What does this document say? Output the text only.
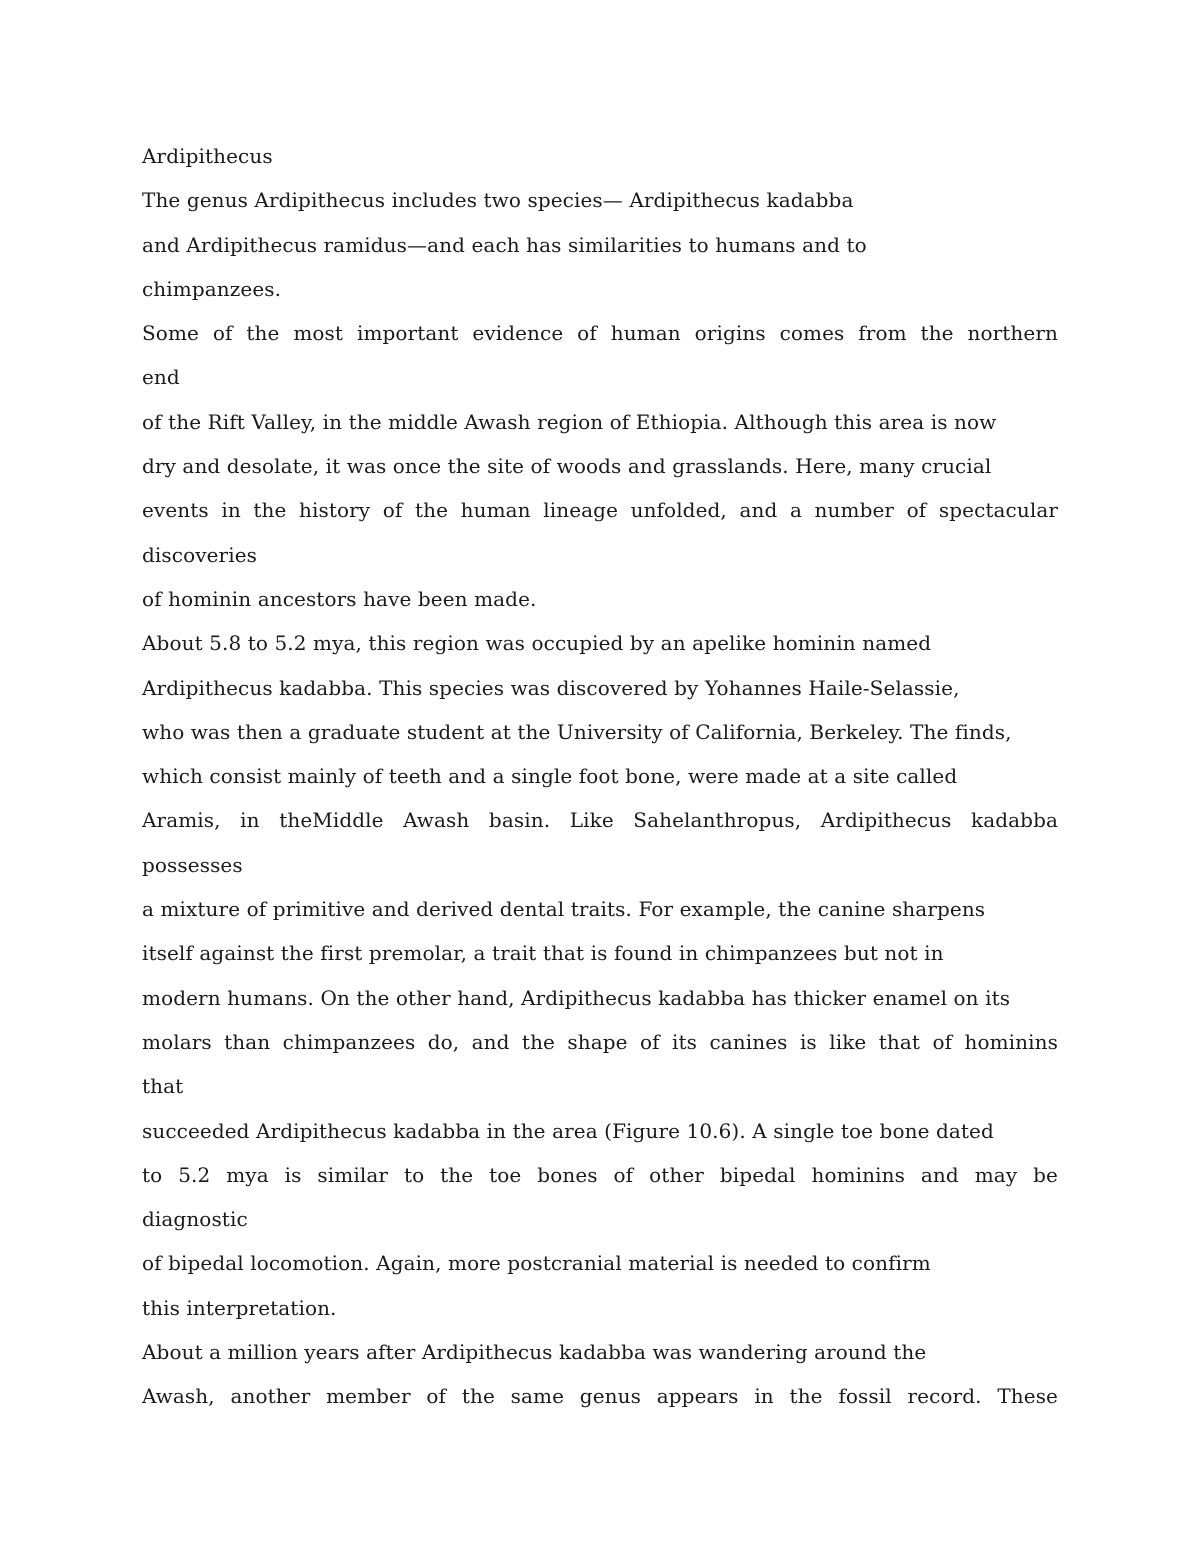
Ardipithecus
The genus Ardipithecus includes two species— Ardipithecus kadabba
and Ardipithecus ramidus—and each has similarities to humans and to
chimpanzees.
Some of the most important evidence of human origins comes from the northern
end
of the Rift Valley, in the middle Awash region of Ethiopia. Although this area is now
dry and desolate, it was once the site of woods and grasslands. Here, many crucial
events in the history of the human lineage unfolded, and a number of spectacular
discoveries
of hominin ancestors have been made.
About 5.8 to 5.2 mya, this region was occupied by an apelike hominin named
Ardipithecus kadabba. This species was discovered by Yohannes Haile-Selassie,
who was then a graduate student at the University of California, Berkeley. The finds,
which consist mainly of teeth and a single foot bone, were made at a site called
Aramis, in theMiddle Awash basin. Like Sahelanthropus, Ardipithecus kadabba
possesses
a mixture of primitive and derived dental traits. For example, the canine sharpens
itself against the first premolar, a trait that is found in chimpanzees but not in
modern humans. On the other hand, Ardipithecus kadabba has thicker enamel on its
molars than chimpanzees do, and the shape of its canines is like that of hominins
that
succeeded Ardipithecus kadabba in the area (Figure 10.6). A single toe bone dated
to 5.2 mya is similar to the toe bones of other bipedal hominins and may be
diagnostic
of bipedal locomotion. Again, more postcranial material is needed to confirm
this interpretation.
About a million years after Ardipithecus kadabba was wandering around the
Awash, another member of the same genus appears in the fossil record. These
